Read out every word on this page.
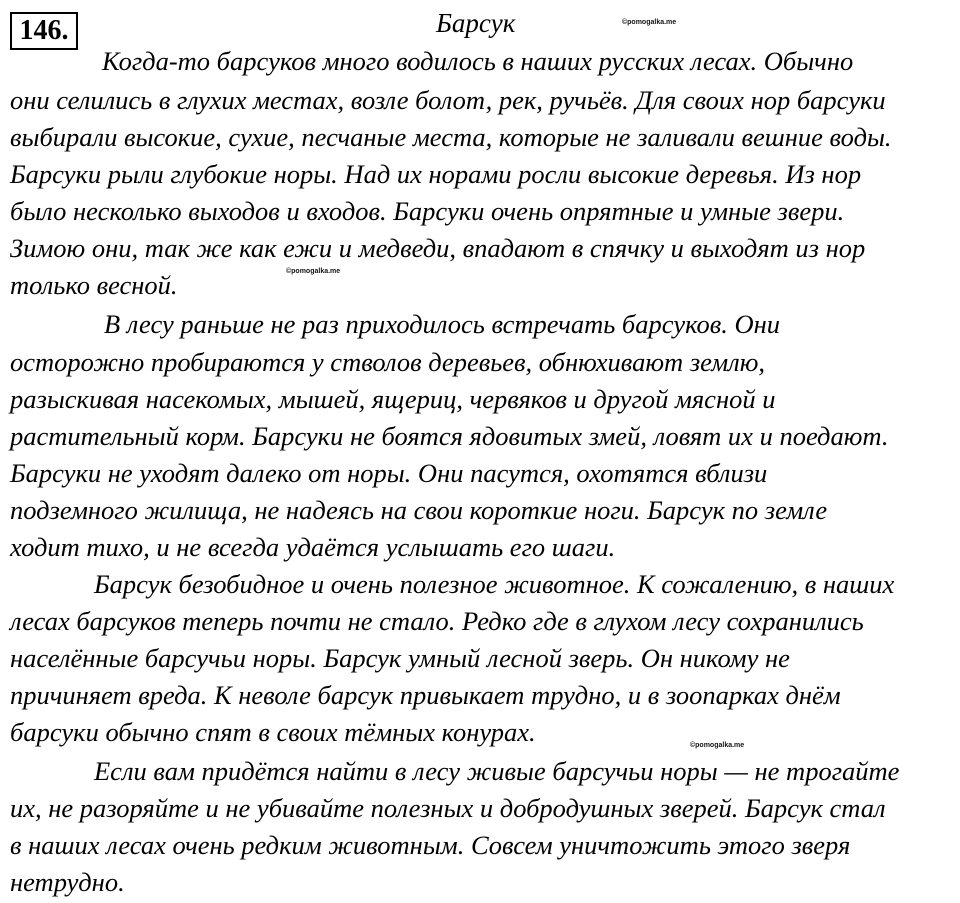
146.	Барсук	©pomogalka.me
©pomogalka.me
©pomogalka.me
Когда-то барсуков много водилось в наших русских лесах. Обычно
они селились в глухих местах, возле болот, рек, ручьёв. Для своих нор барсуки
выбирали высокие, сухие, песчаные места, которые не заливали вешние воды.
Барсуки рыли глубокие норы. Над их норами росли высокие деревья. Из нор
было несколько выходов и входов. Барсуки очень опрятные и умные звери.
Зимою они, так же как ежи и медведи, впадают в спячку и выходят из нор
только весной.
В лесу раньше не раз приходилось встречать барсуков. Они
осторожно пробираются у стволов деревьев, обнюхивают землю,
разыскивая насекомых, мышей, ящериц, червяков и другой мясной и
растительный корм. Барсуки не боятся ядовитых змей, ловят их и поедают.
Барсуки не уходят далеко от норы. Они пасутся, охотятся вблизи
подземного жилища, не надеясь на свои короткие ноги. Барсук по земле
ходит тихо, и не всегда удаётся услышать его шаги.
Барсук безобидное и очень полезное животное. К сожалению, в наших
лесах барсуков теперь почти не стало. Редко где в глухом лесу сохранились
населённые барсучьи норы. Барсук умный лесной зверь. Он никому не
причиняет вреда. К неволе барсук привыкает трудно, и в зоопарках днём
барсуки обычно спят в своих тёмных конурах.
Если вам придётся найти в лесу живые барсучьи норы — не трогайте
их, не разоряйте и не убивайте полезных и добродушных зверей. Барсук стал
в наших лесах очень редким животным. Совсем уничтожить этого зверя
нетрудно.
